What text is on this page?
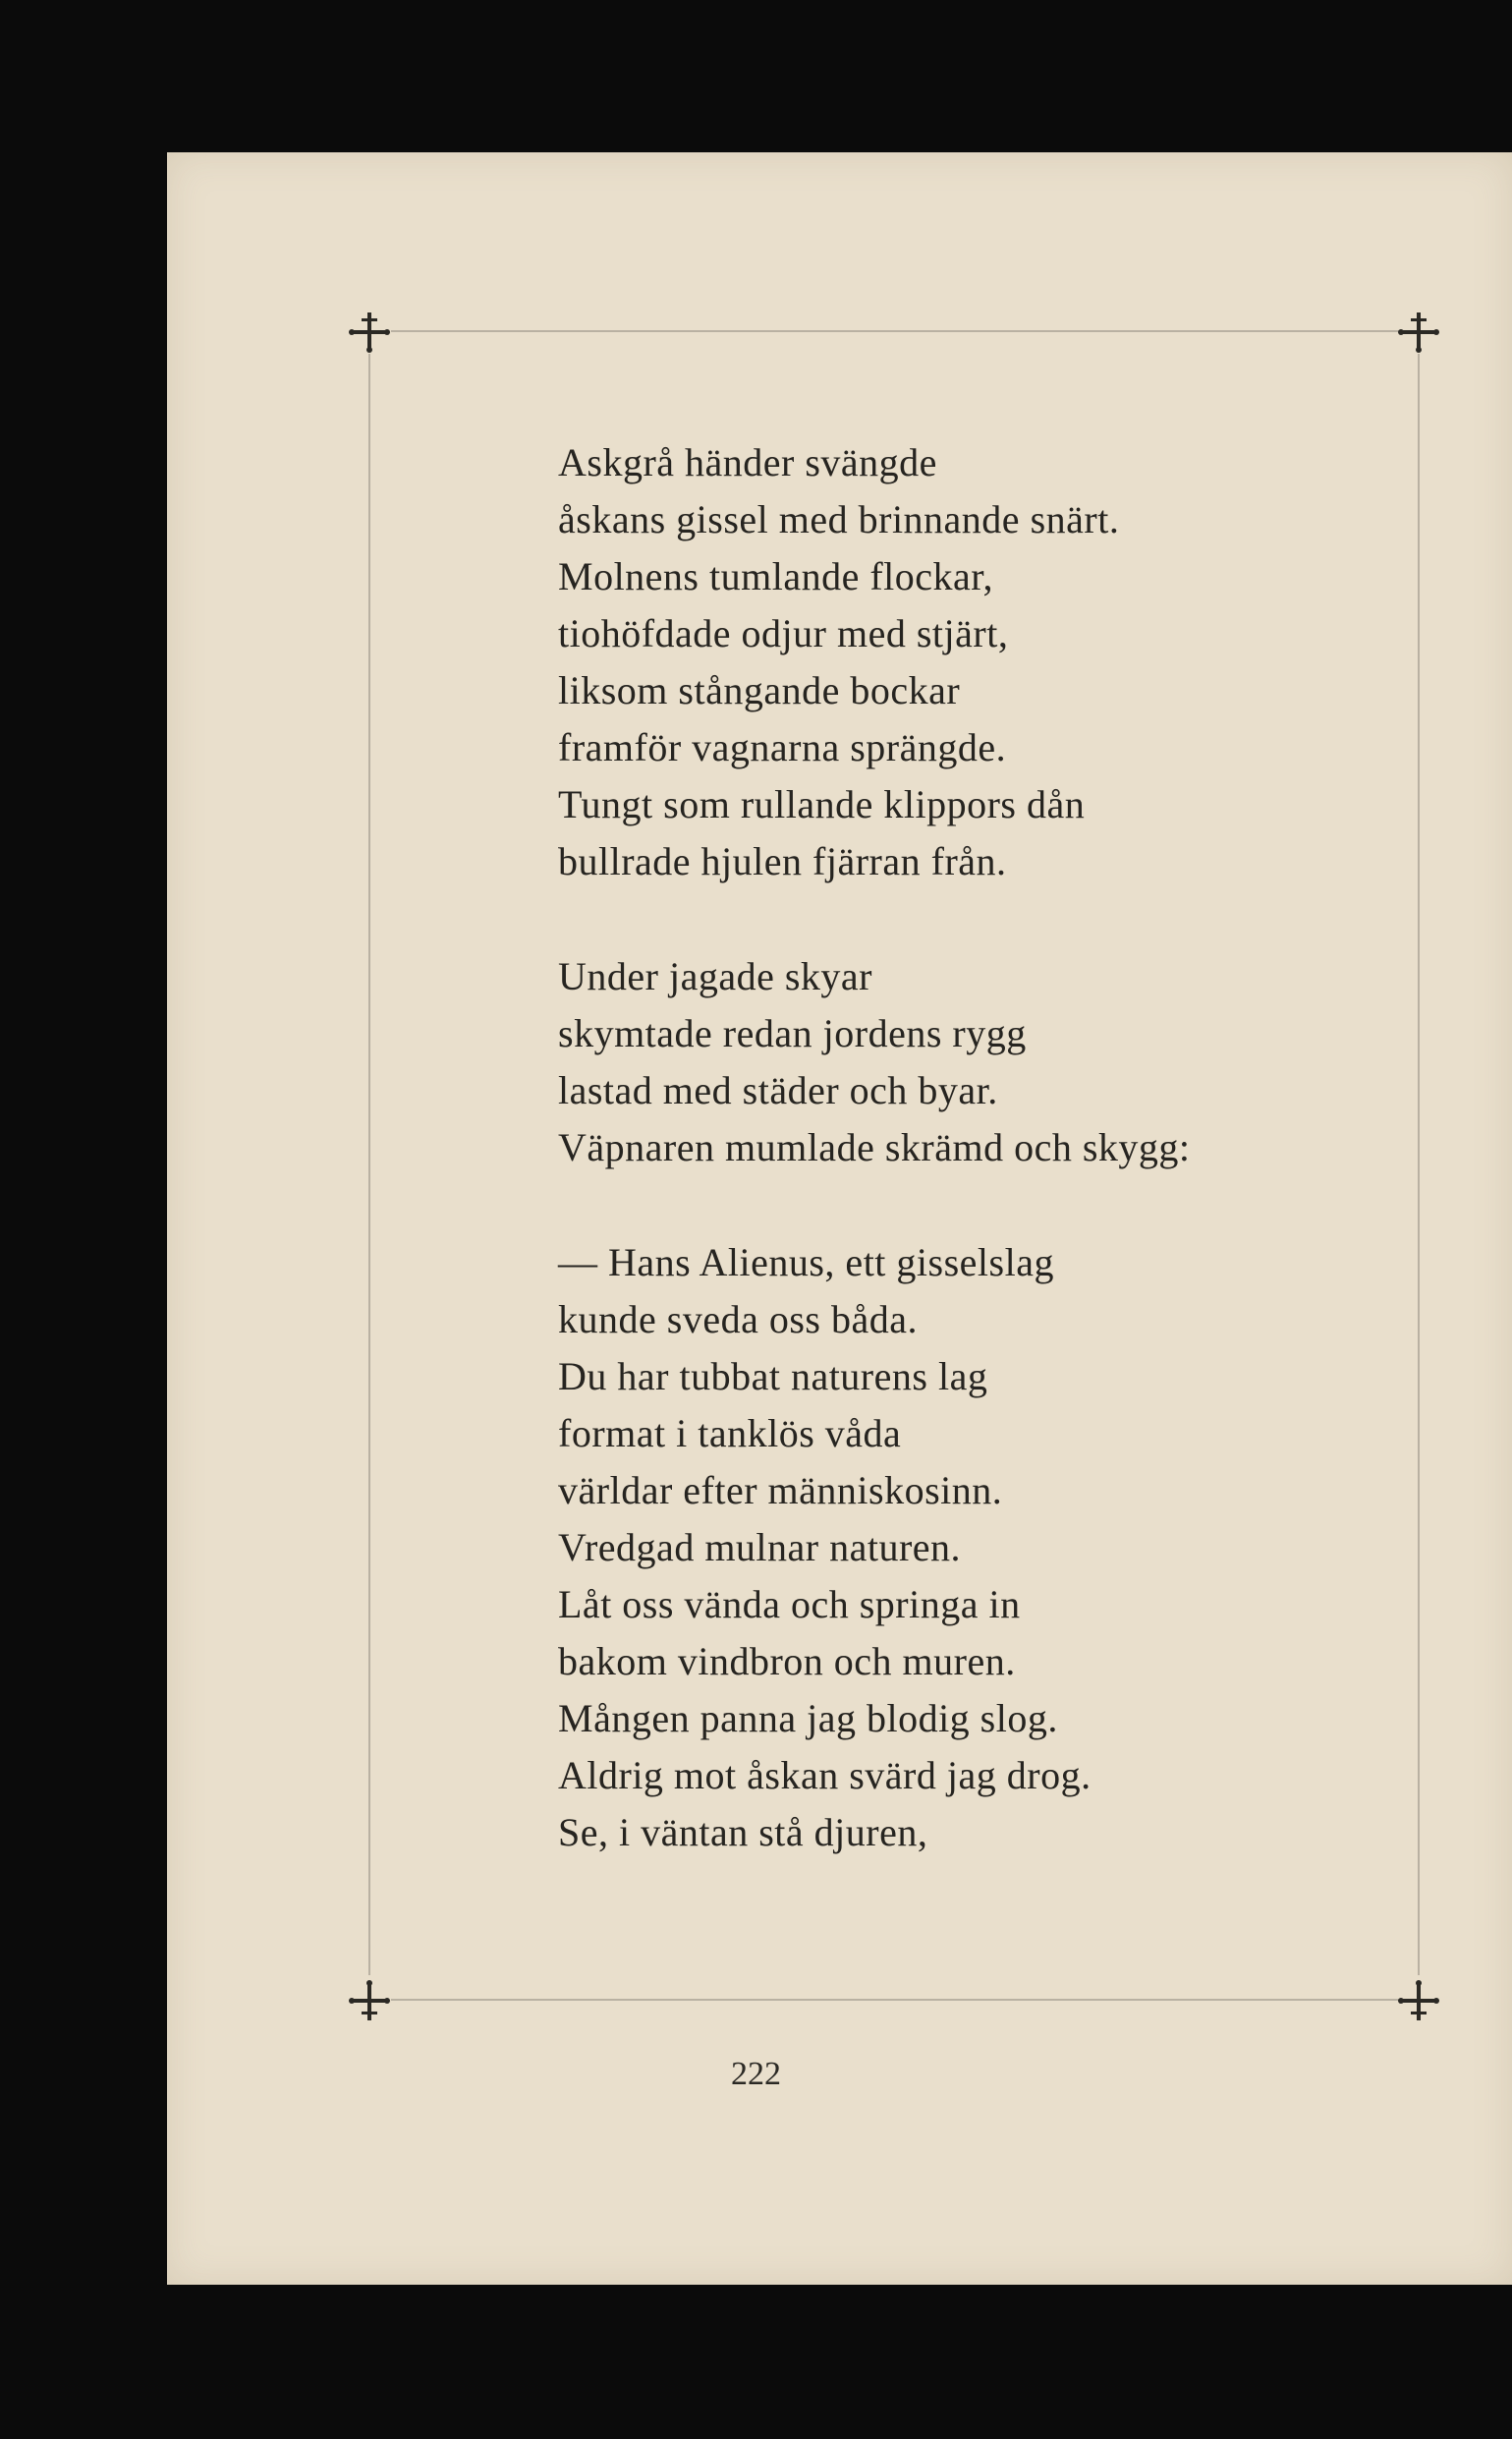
Askgrå händer svängde
åskans gissel med brinnande snärt.
Molnens tumlande flockar,
tiohöfdade odjur med stjärt,
liksom stångande bockar
framför vagnarna sprängde.
Tungt som rullande klippors dån
bullrade hjulen fjärran från.
Under jagade skyar
skymtade redan jordens rygg
lastad med städer och byar.
Väpnaren mumlade skrämd och skygg:
— Hans Alienus, ett gisselslag
kunde sveda oss båda.
Du har tubbat naturens lag
format i tanklös våda
världar efter människosinn.
Vredgad mulnar naturen.
Låt oss vända och springa in
bakom vindbron och muren.
Mången panna jag blodig slog.
Aldrig mot åskan svärd jag drog.
Se, i väntan stå djuren,
222
